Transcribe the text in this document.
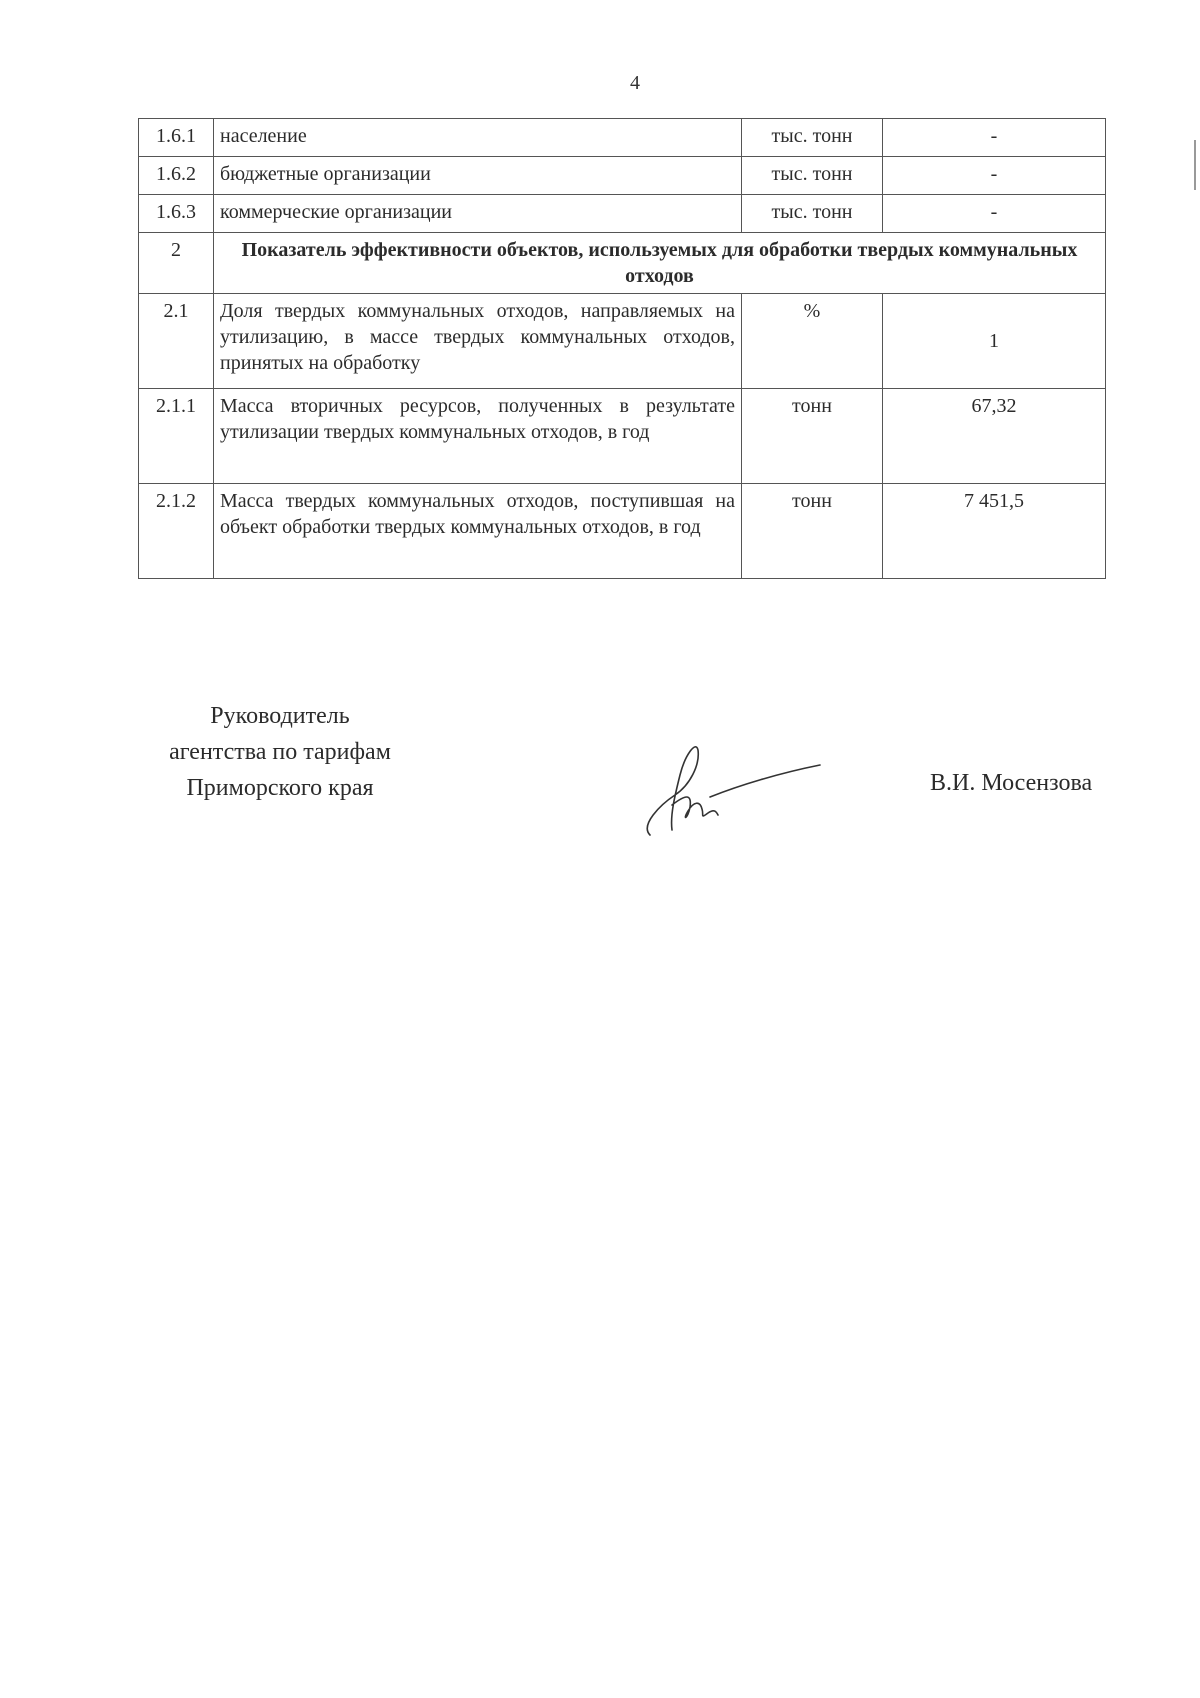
4
1.6.1	население	тыс. тонн	-
1.6.2	бюджетные организации	тыс. тонн	-
1.6.3	коммерческие организации	тыс. тонн	-
2	Показатель эффективности объектов, используемых для обработки твердых коммунальных отходов		
2.1	Доля твердых коммунальных отходов, направляемых на утилизацию, в массе твердых коммунальных отходов, принятых на обработку	%	1
2.1.1	Масса вторичных ресурсов, полученных в результате утилизации твердых коммунальных отходов, в год	тонн	67,32
2.1.2	Масса твердых коммунальных отходов, поступившая на объект обработки твердых коммунальных отходов, в год	тонн	7 451,5
Руководитель
агентства по тарифам
Приморского края	В.И. Мосензова
